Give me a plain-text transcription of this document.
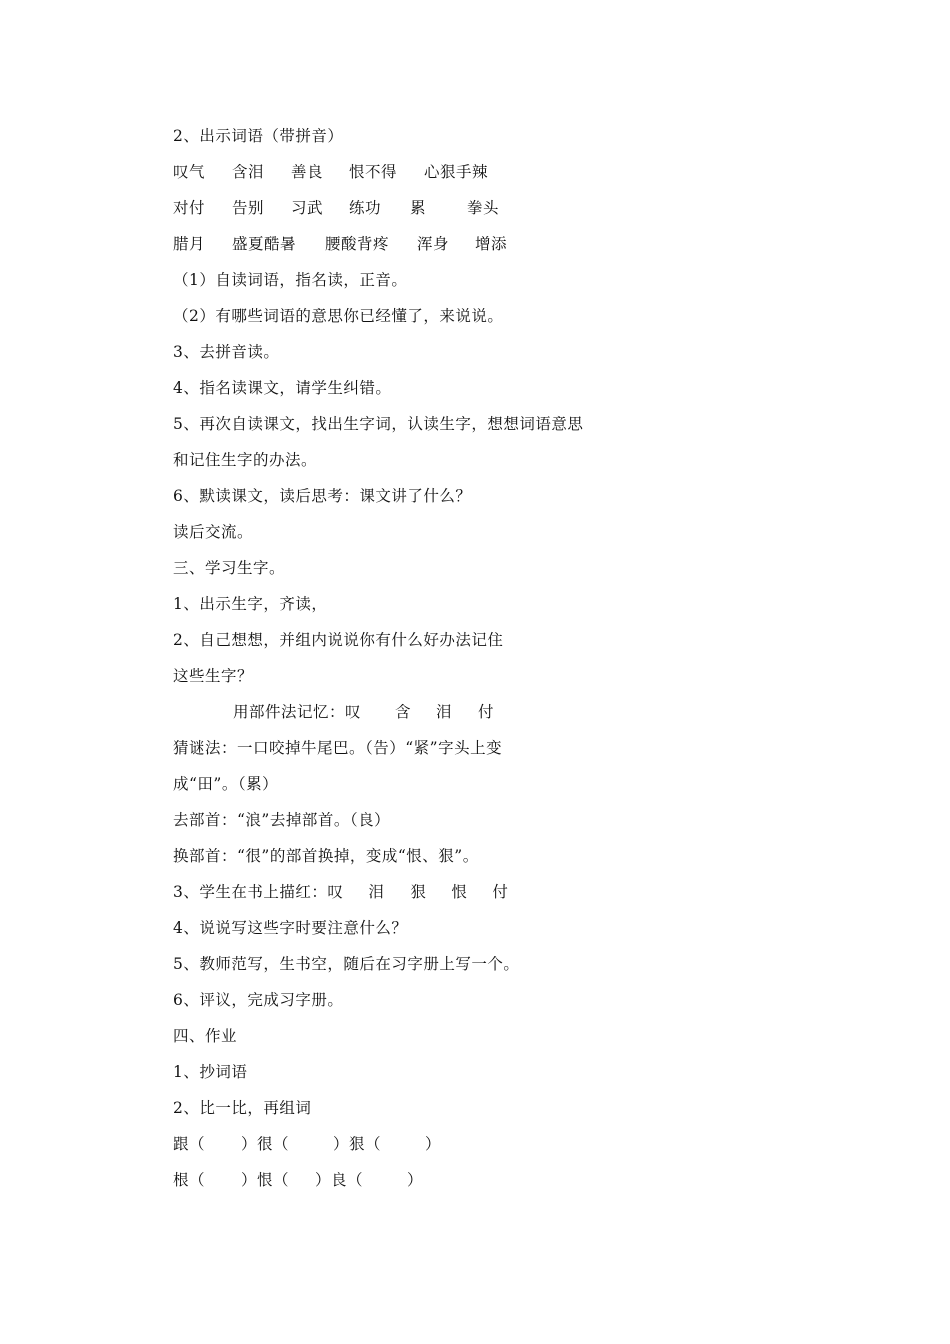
2、出示词语（带拼音）
叹气 含泪 善良 恨不得 心狠手辣
对付 告别 习武 练功 累	拳头
腊月 盛夏酷暑 腰酸背疼 浑身 增添
（1）自读词语，指名读，正音。
（2）有哪些词语的意思你已经懂了，来说说。
3、去拼音读。
4、指名读课文，请学生纠错。
5、再次自读课文，找出生字词，认读生字，想想词语意思
和记住生字的办法。
6、默读课文，读后思考：课文讲了什么？
读后交流。
三、学习生字。
1、出示生字，齐读，
2、自己想想，并组内说说你有什么好办法记住
这些生字？
用部件法记忆：叹 含 泪 付
猜谜法：一口咬掉牛尾巴。（告）“紧”字头上变
成“田”。（累）
去部首：“浪”去掉部首。（良）
换部首：“很”的部首换掉，变成“恨、狠”。
3、学生在书上描红：叹 泪 狠 恨 付
4、说说写这些字时要注意什么？
5、教师范写，生书空，随后在习字册上写一个。
6、评议，完成习字册。
四、作业
1、抄词语
2、比一比，再组词
跟（ ）很（	）狠（	）
根（ ）恨（ ）良（	）
